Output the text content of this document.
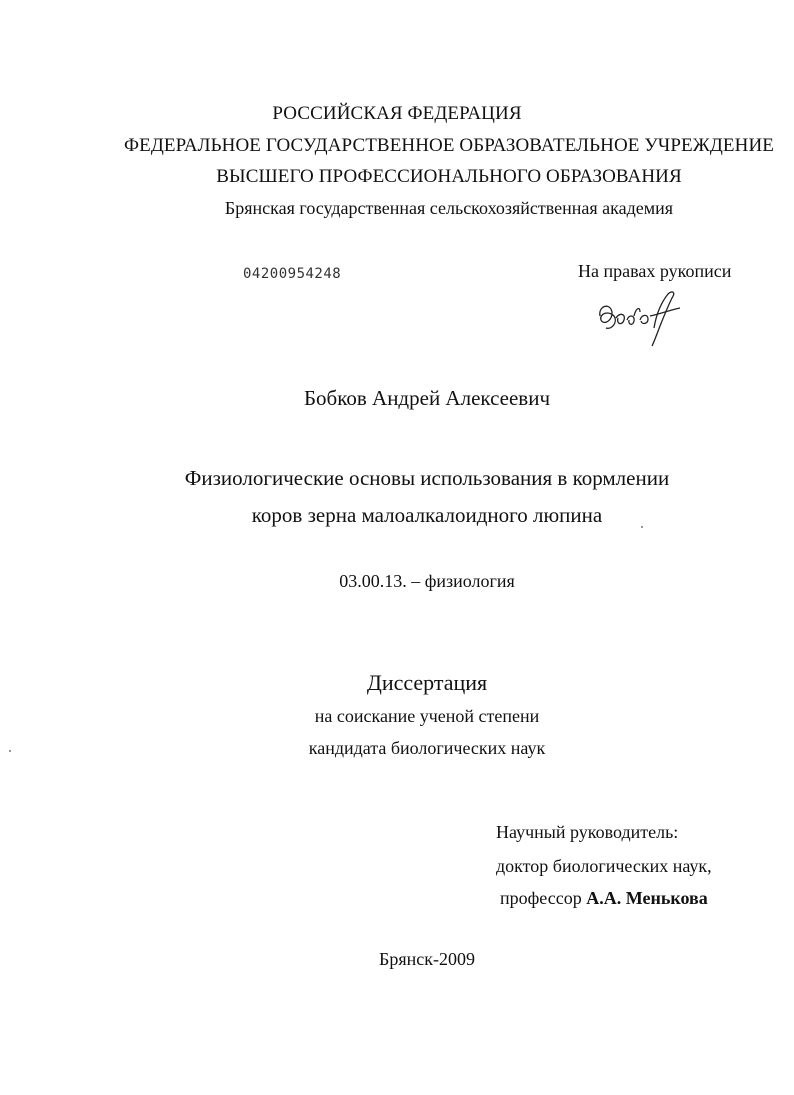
РОССИЙСКАЯ ФЕДЕРАЦИЯ
ФЕДЕРАЛЬНОЕ ГОСУДАРСТВЕННОЕ ОБРАЗОВАТЕЛЬНОЕ УЧРЕЖДЕНИЕ
ВЫСШЕГО ПРОФЕССИОНАЛЬНОГО ОБРАЗОВАНИЯ
Брянская государственная сельскохозяйственная академия
04200954248	На правах рукописи
Бобков Андрей Алексеевич
Физиологические основы использования в кормлении
коров зерна малоалкалоидного люпина
03.00.13. – физиология
Диссертация
на соискание ученой степени
кандидата биологических наук
Научный руководитель:
доктор биологических наук,
профессор А.А. Менькова
Брянск-2009
